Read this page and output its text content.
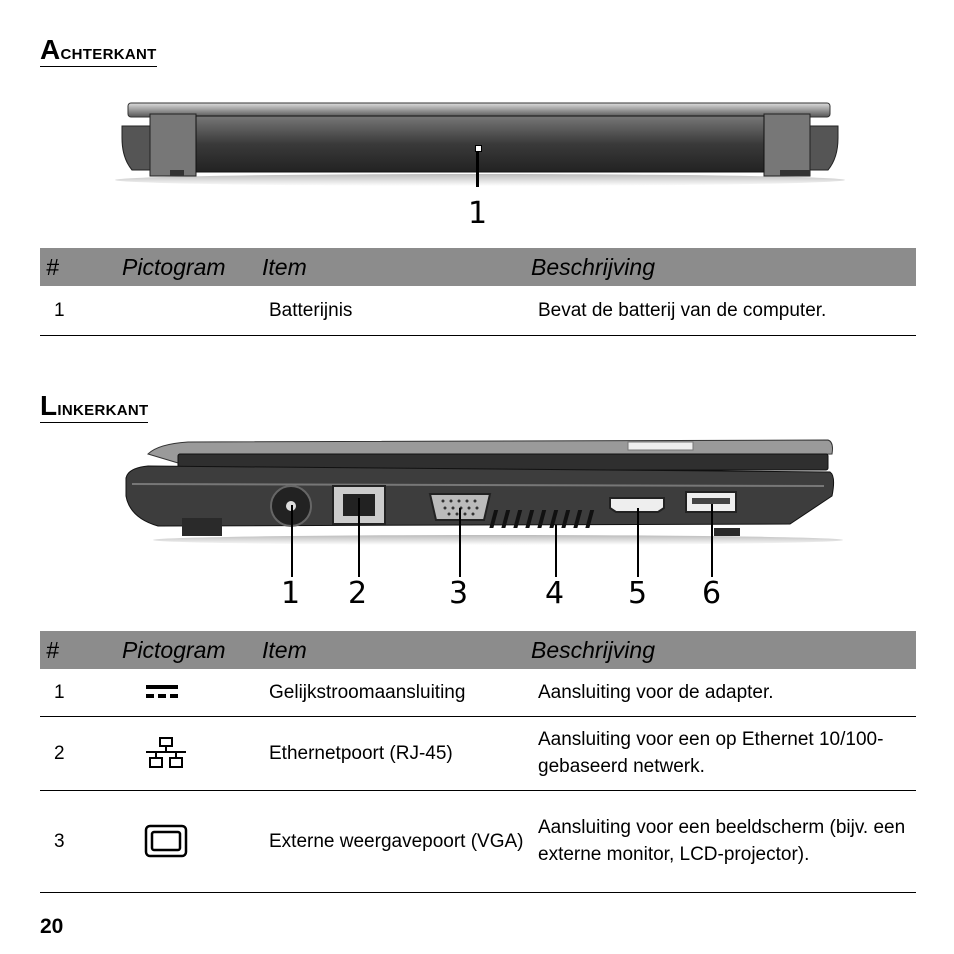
Achterkant
1
#	Pictogram	Item	Beschrijving
1		Batterijnis	Bevat de batterij van de computer.
Linkerkant
1 2	3	4 5 6
#	Pictogram	Item	Beschrijving
1		Gelijkstroomaansluiting	Aansluiting voor de adapter.
2		Ethernetpoort (RJ-45)	Aansluiting voor een op Ethernet 10/100-gebaseerd netwerk.
3		Externe weergavepoort (VGA)	Aansluiting voor een beeldscherm (bijv. een externe monitor, LCD-projector).
20
